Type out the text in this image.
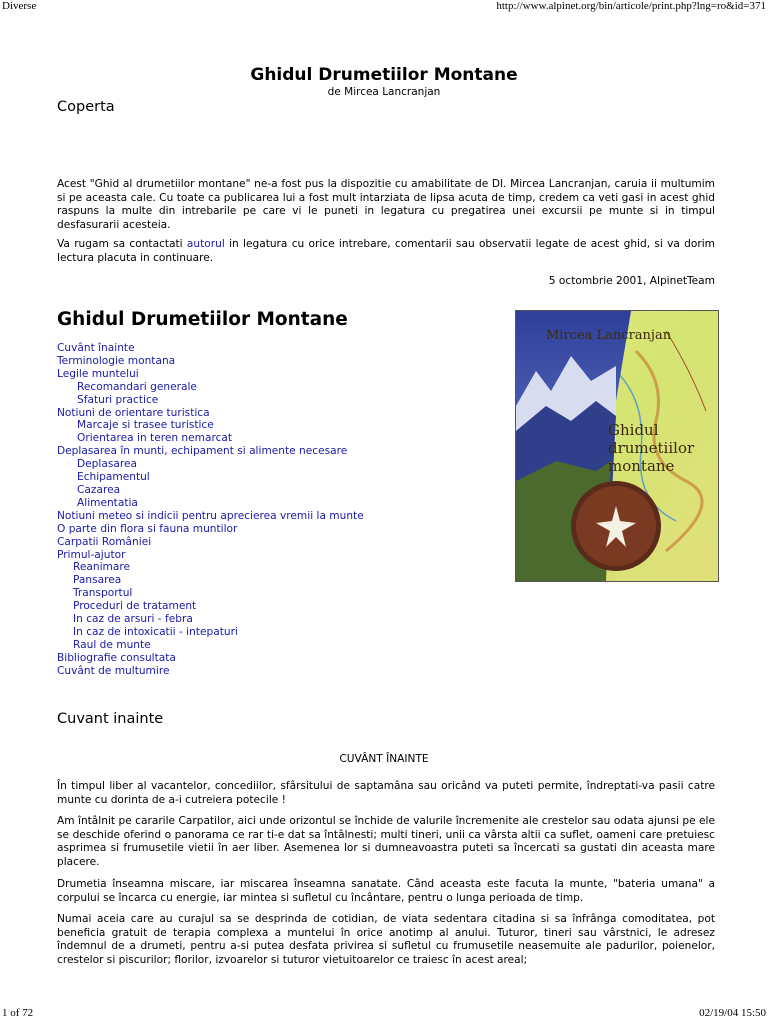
Diverse	http://www.alpinet.org/bin/articole/print.php?lng=ro&id=371
Ghidul Drumetiilor Montane
de Mircea Lancranjan
Coperta

Acest "Ghid al drumetiilor montane" ne-a fost pus la dispozitie cu amabilitate de Dl. Mircea Lancranjan, caruia ii multumim si pe aceasta cale. Cu toate ca publicarea lui a fost mult intarziata de lipsa acuta de timp, credem ca veti gasi in acest ghid raspuns la multe din intrebarile pe care vi le puneti in legatura cu pregatirea unei excursii pe munte si in timpul desfasurarii acesteia.

Va rugam sa contactati autorul in legatura cu orice intrebare, comentarii sau observatii legate de acest ghid, si va dorim lectura placuta in continuare.

5 octombrie 2001, AlpinetTeam
Ghidul Drumetiilor Montane
Cuvânt înainte
Terminologie montana
Legile muntelui
Recomandari generale
Sfaturi practice
Notiuni de orientare turistica
Marcaje si trasee turistice
Orientarea in teren nemarcat
Deplasarea în munti, echipament si alimente necesare
Deplasarea
Echipamentul
Cazarea
Alimentatia
Notiuni meteo si indicii pentru aprecierea vremii la munte
O parte din flora si fauna muntilor
Carpatii României
Primul-ajutor
Reanimare
Pansarea
Transportul
Proceduri de tratament
In caz de arsuri - febra
In caz de intoxicatii - intepaturi
Raul de munte
Bibliografie consultata
Cuvânt de multumire
Mircea Lancranjan
Ghidul
drumetiilor
montane
Cuvant inainte
CUVÂNT ÎNAINTE

În timpul liber al vacantelor, concediilor, sfârsitului de saptamâna sau oricând va puteti permite, îndreptati-va pasii catre munte cu dorinta de a-i cutreiera potecile !

Am întâlnit pe cararile Carpatilor, aici unde orizontul se închide de valurile încremenite ale crestelor sau odata ajunsi pe ele se deschide oferind o panorama ce rar ti-e dat sa întâlnesti; multi tineri, unii ca vârsta altii ca suflet, oameni care pretuiesc asprimea si frumusetile vietii în aer liber. Asemenea lor si dumneavoastra puteti sa încercati sa gustati din aceasta mare placere.

Drumetia înseamna miscare, iar miscarea înseamna sanatate. Când aceasta este facuta la munte, "bateria umana" a corpului se încarca cu energie, iar mintea si sufletul cu încântare, pentru o lunga perioada de timp.

Numai aceia care au curajul sa se desprinda de cotidian, de viata sedentara citadina si sa înfrânga comoditatea, pot beneficia gratuit de terapia complexa a muntelui în orice anotimp al anului. Tuturor, tineri sau vârstnici, le adresez îndemnul de a drumeti, pentru a-si putea desfata privirea si sufletul cu frumusetile neasemuite ale padurilor, poienelor, crestelor si piscurilor; florilor, izvoarelor si tuturor vietuitoarelor ce traiesc în acest areal;

1 of 72	02/19/04 15:50
